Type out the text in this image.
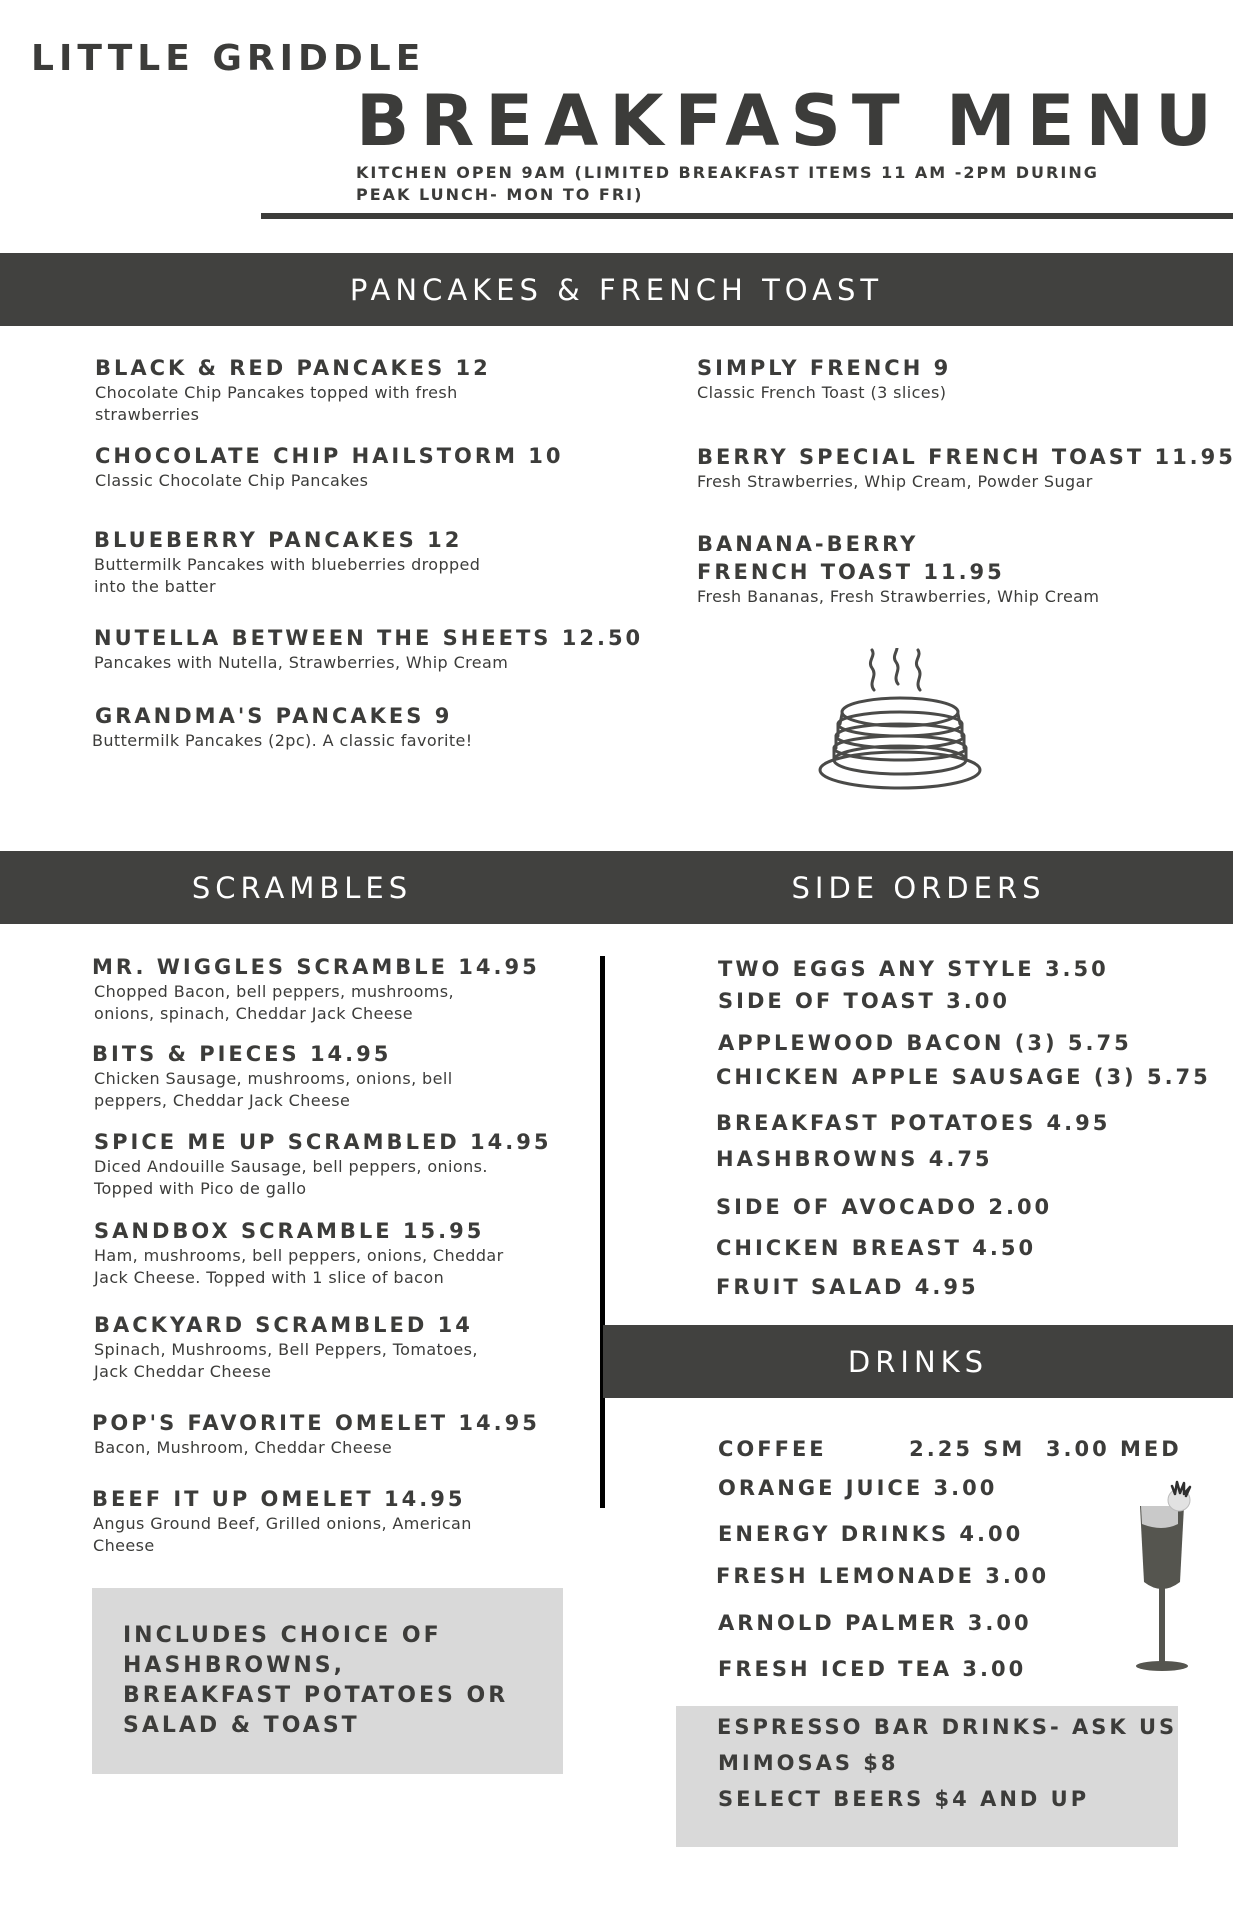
LITTLE GRIDDLE
BREAKFAST MENU
KITCHEN OPEN 9AM (LIMITED BREAKFAST ITEMS 11 AM -2PM DURING PEAK LUNCH- MON TO FRI)
PANCAKES & FRENCH TOAST
BLACK & RED PANCAKES 12
Chocolate Chip Pancakes topped with fresh strawberries
CHOCOLATE CHIP HAILSTORM 10
Classic Chocolate Chip Pancakes
BLUEBERRY PANCAKES 12
Buttermilk Pancakes with blueberries dropped into the batter
NUTELLA BETWEEN THE SHEETS 12.50
Pancakes with Nutella, Strawberries, Whip Cream
GRANDMA'S PANCAKES 9
Buttermilk Pancakes (2pc). A classic favorite!
SIMPLY FRENCH 9
Classic French Toast (3 slices)
BERRY SPECIAL FRENCH TOAST 11.95
Fresh Strawberries, Whip Cream, Powder Sugar
BANANA-BERRY
FRENCH TOAST 11.95
Fresh Bananas, Fresh Strawberries, Whip Cream
SCRAMBLES	SIDE ORDERS
MR. WIGGLES SCRAMBLE 14.95
Chopped Bacon, bell peppers, mushrooms, onions, spinach, Cheddar Jack Cheese
BITS & PIECES 14.95
Chicken Sausage, mushrooms, onions, bell peppers, Cheddar Jack Cheese
SPICE ME UP SCRAMBLED 14.95
Diced Andouille Sausage, bell peppers, onions. Topped with Pico de gallo
SANDBOX SCRAMBLE 15.95
Ham, mushrooms, bell peppers, onions, Cheddar Jack Cheese. Topped with 1 slice of bacon
BACKYARD SCRAMBLED 14
Spinach, Mushrooms, Bell Peppers, Tomatoes, Jack Cheddar Cheese
POP'S FAVORITE OMELET 14.95
Bacon, Mushroom, Cheddar Cheese
BEEF IT UP OMELET 14.95
Angus Ground Beef, Grilled onions, American Cheese
INCLUDES CHOICE OF HASHBROWNS, BREAKFAST POTATOES OR SALAD & TOAST
TWO EGGS ANY STYLE 3.50
SIDE OF TOAST 3.00
APPLEWOOD BACON (3) 5.75
CHICKEN APPLE SAUSAGE (3) 5.75
BREAKFAST POTATOES 4.95
HASHBROWNS 4.75
SIDE OF AVOCADO 2.00
CHICKEN BREAST 4.50
FRUIT SALAD 4.95
DRINKS
COFFEE        2.25 SM  3.00 MED
ORANGE JUICE 3.00
ENERGY DRINKS 4.00
FRESH LEMONADE 3.00
ARNOLD PALMER 3.00
FRESH ICED TEA 3.00
ESPRESSO BAR DRINKS- ASK US
MIMOSAS $8
SELECT BEERS $4 AND UP
